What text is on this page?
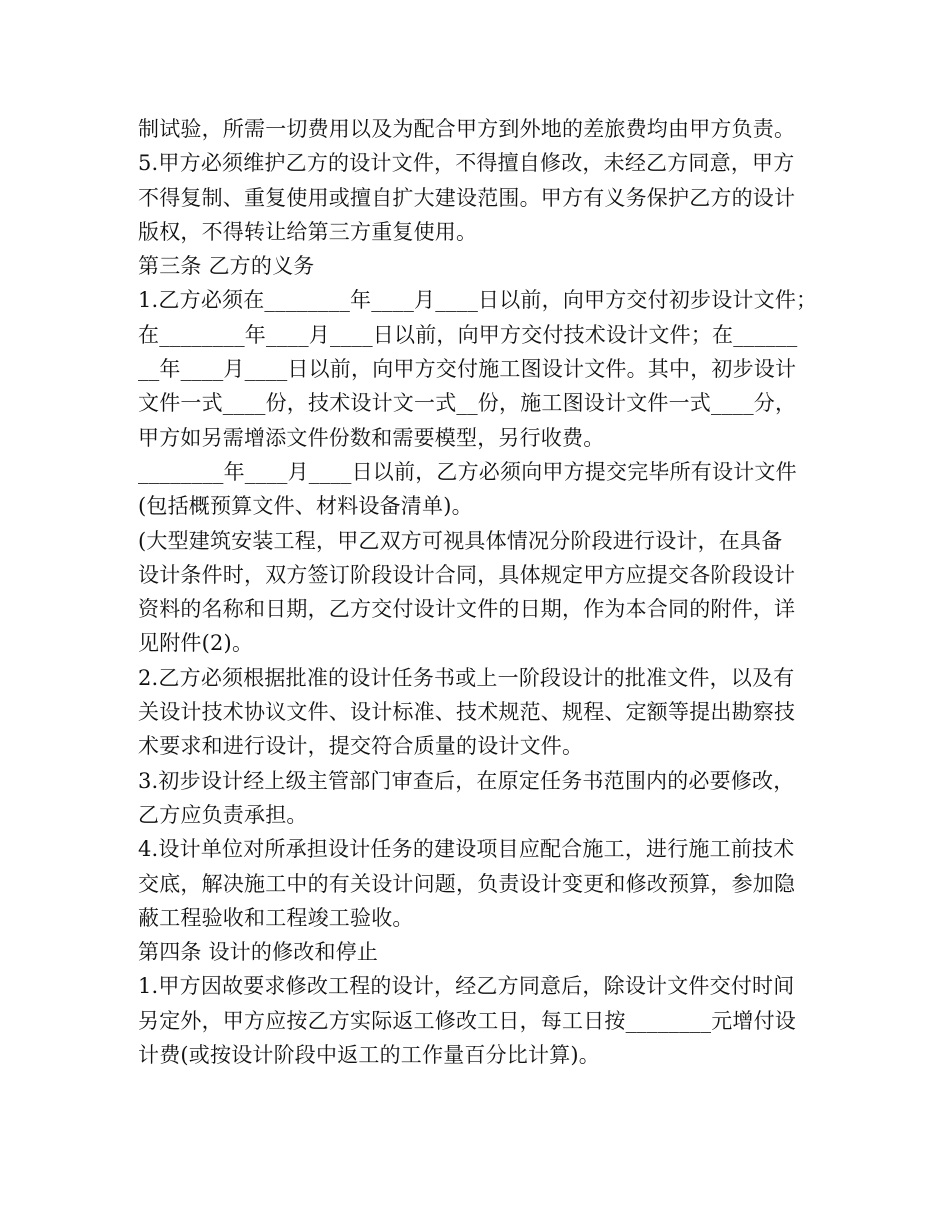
制试验，所需一切费用以及为配合甲方到外地的差旅费均由甲方负责。
5.甲方必须维护乙方的设计文件，不得擅自修改，未经乙方同意，甲方
不得复制、重复使用或擅自扩大建设范围。甲方有义务保护乙方的设计
版权，不得转让给第三方重复使用。
第三条 乙方的义务
1.乙方必须在________年____月____日以前，向甲方交付初步设计文件；
在________年____月____日以前，向甲方交付技术设计文件；在______
__年____月____日以前，向甲方交付施工图设计文件。其中，初步设计
文件一式____份，技术设计文一式__份，施工图设计文件一式____分，
甲方如另需增添文件份数和需要模型，另行收费。
________年____月____日以前，乙方必须向甲方提交完毕所有设计文件
(包括概预算文件、材料设备清单)。
(大型建筑安装工程，甲乙双方可视具体情况分阶段进行设计，在具备
设计条件时，双方签订阶段设计合同，具体规定甲方应提交各阶段设计
资料的名称和日期，乙方交付设计文件的日期，作为本合同的附件，详
见附件(2)。
2.乙方必须根据批准的设计任务书或上一阶段设计的批准文件，以及有
关设计技术协议文件、设计标准、技术规范、规程、定额等提出勘察技
术要求和进行设计，提交符合质量的设计文件。
3.初步设计经上级主管部门审查后，在原定任务书范围内的必要修改，
乙方应负责承担。
4.设计单位对所承担设计任务的建设项目应配合施工，进行施工前技术
交底，解决施工中的有关设计问题，负责设计变更和修改预算，参加隐
蔽工程验收和工程竣工验收。
第四条 设计的修改和停止
1.甲方因故要求修改工程的设计，经乙方同意后，除设计文件交付时间
另定外，甲方应按乙方实际返工修改工日，每工日按________元增付设
计费(或按设计阶段中返工的工作量百分比计算)。
